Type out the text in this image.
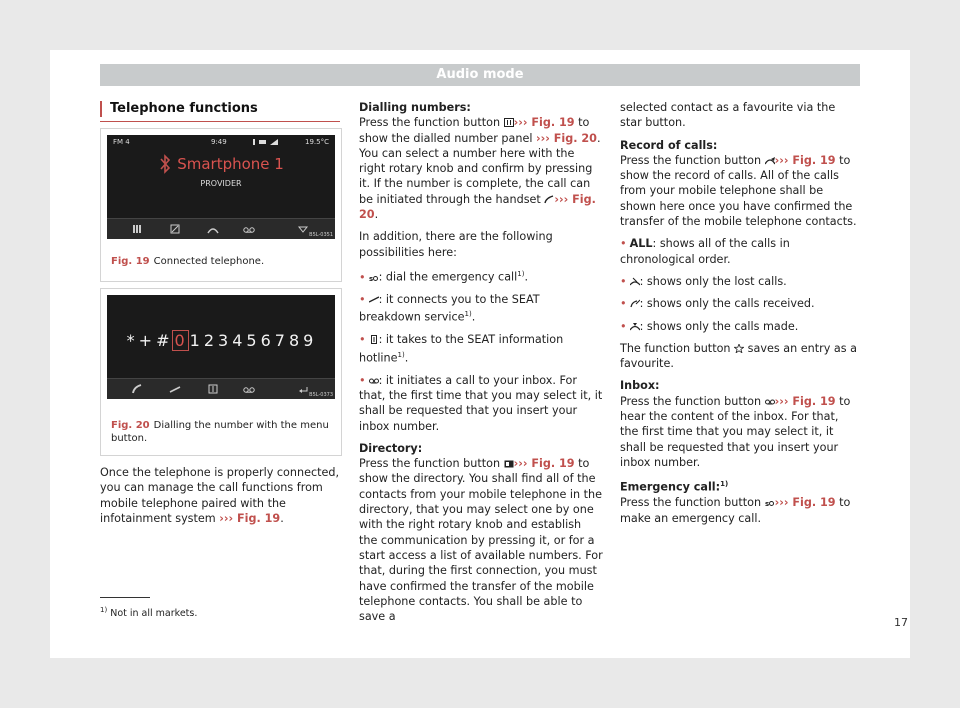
Audio mode
Telephone functions
FM 4	9:49	19.5°C
Smartphone 1
PROVIDER
B5L-0351
Fig. 19 Connected telephone.
* + # 0 1 2 3 4 5 6 7 8 9
B5L-0373
Fig. 20 Dialling the number with the menu button.

Once the telephone is properly connected, you can manage the call functions from mobile telephone paired with the infotainment system ››› Fig. 19.

Dialling numbers:

Press the function button ››› Fig. 19 to show the dialled number panel ››› Fig. 20. You can select a number here with the right rotary knob and confirm by pressing it. If the number is complete, the call can be initiated through the handset ››› Fig. 20.

In addition, there are the following possibilities here:

• s : dial the emergency call$^{1)}$.

• : it connects you to the SEAT breakdown service$^{1)}$.

• : it takes to the SEAT information hotline$^{1)}$.

• : it initiates a call to your inbox. For that, the first time that you may select it, it shall be requested that you insert your inbox number.

Directory:

Press the function button ››› Fig. 19 to show the directory. You shall find all of the contacts from your mobile telephone in the directory, that you may select one by one with the right rotary knob and establish the communication by pressing it, or for a start access a list of available numbers. For that, during the first connection, you must have confirmed the transfer of the mobile telephone contacts. You shall be able to save a

selected contact as a favourite via the star button.

Record of calls:

Press the function button ››› Fig. 19 to show the record of calls. All of the calls from your mobile telephone shall be shown here once you have confirmed the transfer of the mobile telephone contacts.

• ALL: shows all of the calls in chronological order.

• : shows only the lost calls.

• : shows only the calls received.

• : shows only the calls made.

The function button saves an entry as a favourite.

Inbox:

Press the function button ››› Fig. 19 to hear the content of the inbox. For that, the first time that you may select it, it shall be requested that you insert your inbox number.

Emergency call:$^{1)}$

Press the function button s ››› Fig. 19 to make an emergency call.

$^{1)}$ Not in all markets.
17
